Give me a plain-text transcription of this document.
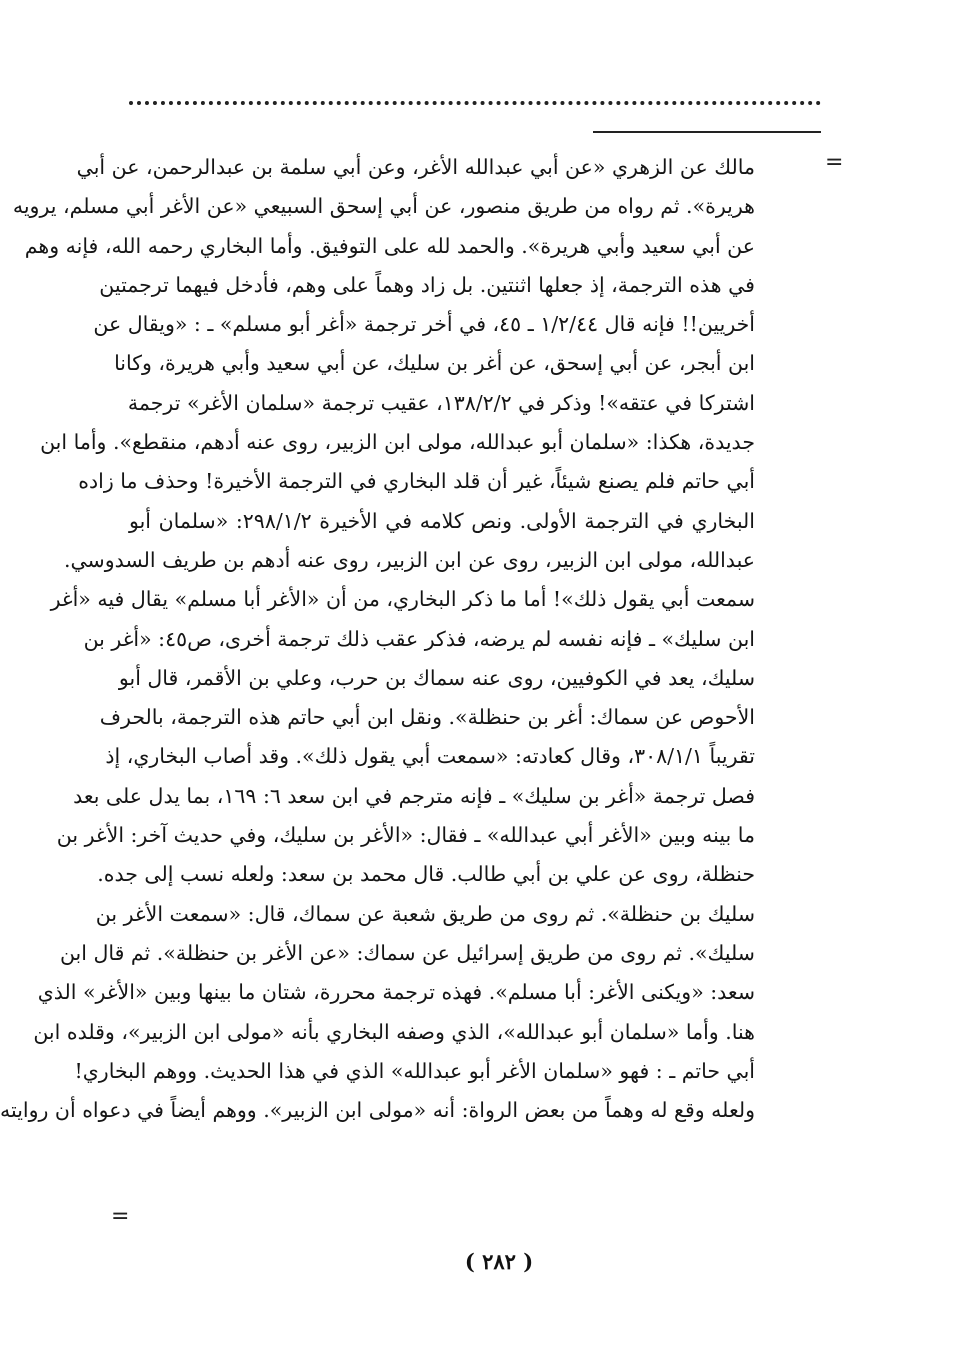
=
مالك عن الزهري «عن أبي عبدالله الأغر، وعن أبي سلمة بن عبدالرحمن، عن أبي
هريرة». ثم رواه من طريق منصور، عن أبي إسحق السبيعي «عن الأغر أبي مسلم، يرويه
عن أبي سعيد وأبي هريرة». والحمد لله على التوفيق. وأما البخاري رحمه الله، فإنه وهم
في هذه الترجمة، إذ جعلها اثنتين. بل زاد وهماً على وهم، فأدخل فيهما ترجمتين
أخريين!! فإنه قال ١/٢/٤٤ ـ ٤٥، في أخر ترجمة «أغر أبو مسلم» ـ : «ويقال عن
ابن أبجر، عن أبي إسحق، عن أغر بن سليك، عن أبي سعيد وأبي هريرة، وكانا
اشتركا في عتقه»! وذكر في ١٣٨/٢/٢، عقيب ترجمة «سلمان الأغر» ترجمة
جديدة، هكذا: «سلمان أبو عبدالله، مولى ابن الزبير، روى عنه أدهم، منقطع». وأما ابن
أبي حاتم فلم يصنع شيئاً، غير أن قلد البخاري في الترجمة الأخيرة! وحذف ما زاده
البخاري في الترجمة الأولى. ونص كلامه في الأخيرة ٢٩٨/١/٢: «سلمان أبو
عبدالله، مولى ابن الزبير، روى عن ابن الزبير، روى عنه أدهم بن طريف السدوسي.
سمعت أبي يقول ذلك»! أما ما ذكر البخاري، من أن «الأغر أبا مسلم» يقال فيه «أغر
ابن سليك» ـ فإنه نفسه لم يرضه، فذكر عقب ذلك ترجمة أخرى، ص٤٥: «أغر بن
سليك، يعد في الكوفيين، روى عنه سماك بن حرب، وعلي بن الأقمر، قال أبو
الأحوص عن سماك: أغر بن حنظلة». ونقل ابن أبي حاتم هذه الترجمة، بالحرف
تقريباً ٣٠٨/١/١، وقال كعادته: «سمعت أبي يقول ذلك». وقد أصاب البخاري، إذ
فصل ترجمة «أغر بن سليك» ـ فإنه مترجم في ابن سعد ٦: ١٦٩، بما يدل على بعد
ما بينه وبين «الأغر أبي عبدالله» ـ فقال: «الأغر بن سليك، وفي حديث آخر: الأغر بن
حنظلة، روى عن علي بن أبي طالب. قال محمد بن سعد: ولعله نسب إلى جده.
سليك بن حنظلة». ثم روى من طريق شعبة عن سماك، قال: «سمعت الأغر بن
سليك». ثم روى من طريق إسرائيل عن سماك: «عن الأغر بن حنظلة». ثم قال ابن
سعد: «ويكنى الأغر: أبا مسلم». فهذه ترجمة محررة، شتان ما بينها وبين «الأغر» الذي
هنا. وأما «سلمان أبو عبدالله»، الذي وصفه البخاري بأنه «مولى ابن الزبير»، وقلده ابن
أبي حاتم ـ : فهو «سلمان الأغر أبو عبدالله» الذي في هذا الحديث. ووهم البخاري!
ولعله وقع له وهماً من بعض الرواة: أنه «مولى ابن الزبير». ووهم أيضاً في دعواه أن روايته
=
( ٢٨٢ )
